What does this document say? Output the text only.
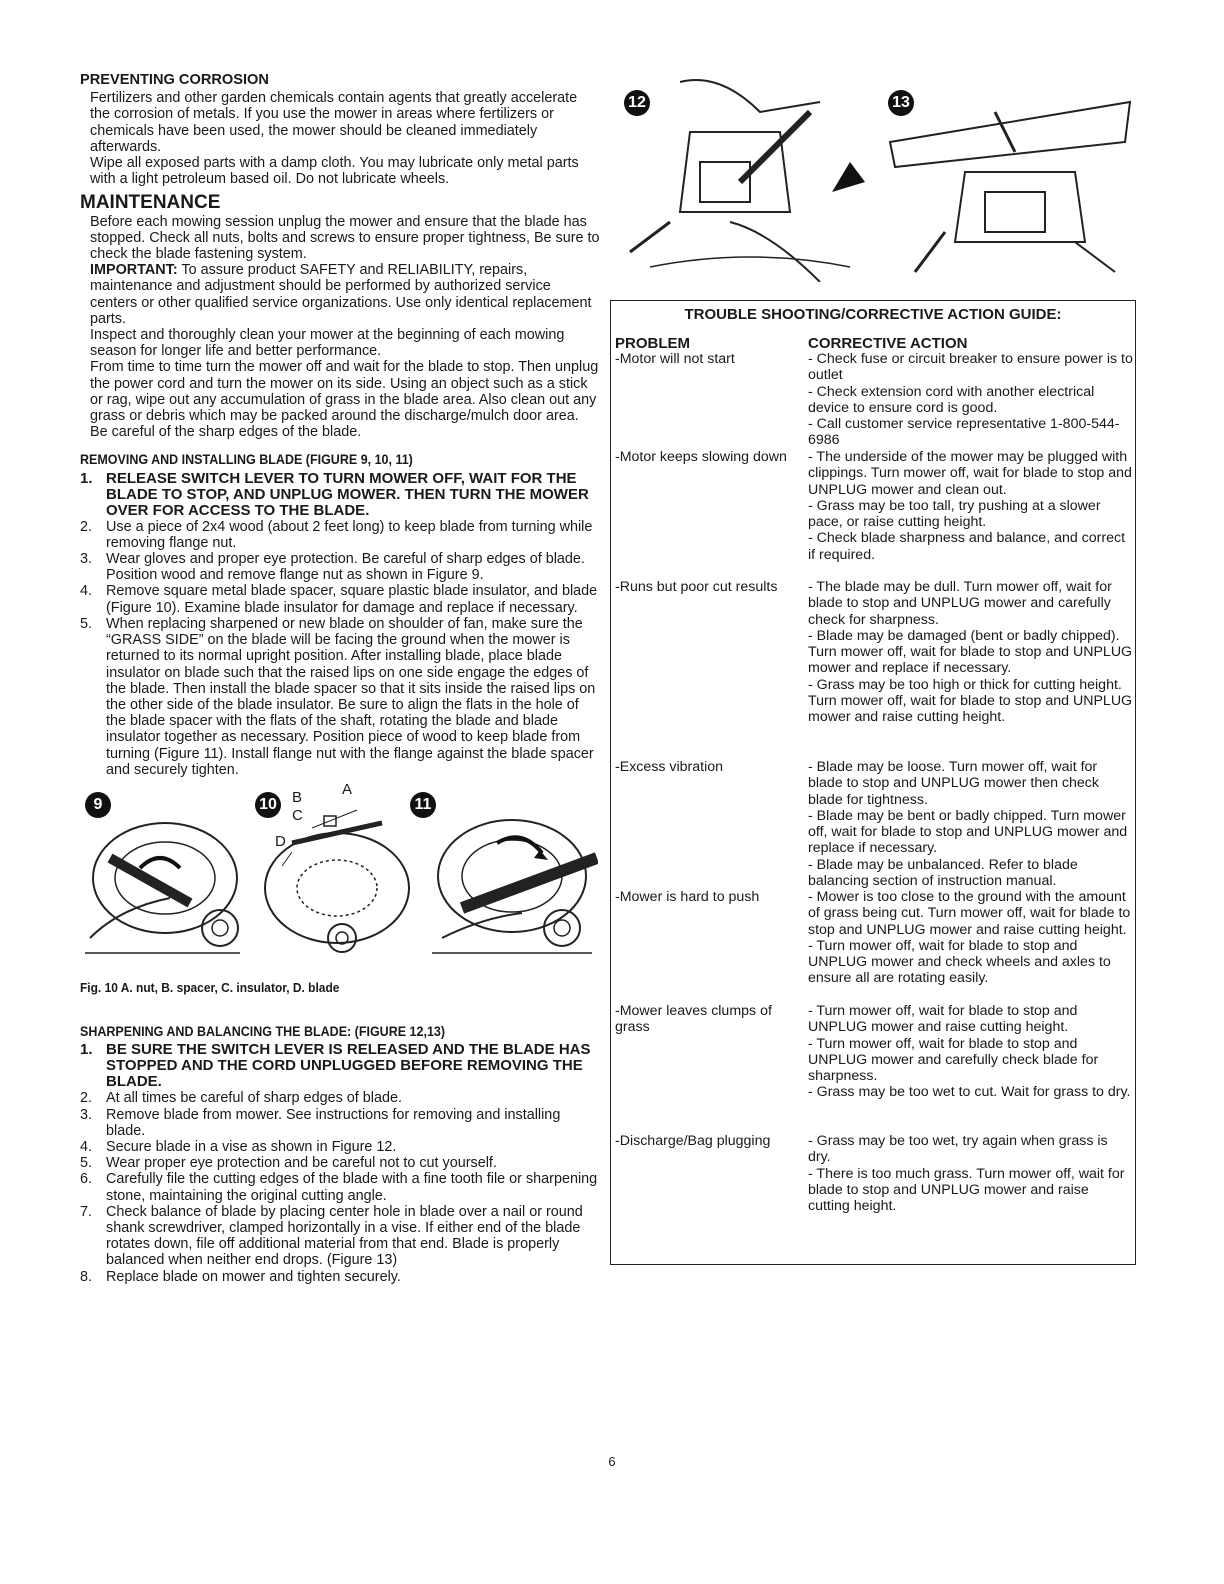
PREVENTING CORROSION
Fertilizers and other garden chemicals contain agents that greatly accelerate the corrosion of metals. If you use the mower in areas where fertilizers or chemicals have been used, the mower should be cleaned immediately afterwards.
Wipe all exposed parts with a damp cloth. You may lubricate only metal parts with a light petroleum based oil. Do not lubricate wheels.
MAINTENANCE
Before each mowing session unplug the mower and ensure that the blade has stopped. Check all nuts, bolts and screws to ensure proper tightness, Be sure to check the blade fastening system.
IMPORTANT: To assure product SAFETY and RELIABILITY, repairs, maintenance and adjustment should be performed by authorized service centers or other qualified service organizations. Use only identical replacement parts.
Inspect and thoroughly clean your mower at the beginning of each mowing season for longer life and better performance.
From time to time turn the mower off and wait for the blade to stop. Then unplug the power cord and turn the mower on its side. Using an object such as a stick or rag, wipe out any accumulation of grass in the blade area. Also clean out any grass or debris which may be packed around the discharge/mulch door area. Be careful of the sharp edges of the blade.
REMOVING AND INSTALLING BLADE (FIGURE 9, 10, 11)
1. RELEASE SWITCH LEVER TO TURN MOWER OFF, WAIT FOR THE BLADE TO STOP, AND UNPLUG MOWER. THEN TURN THE MOWER OVER FOR ACCESS TO THE BLADE.
2. Use a piece of 2x4 wood (about 2 feet long) to keep blade from turning while removing flange nut.
3. Wear gloves and proper eye protection. Be careful of sharp edges of blade. Position wood and remove flange nut as shown in Figure 9.
4. Remove square metal blade spacer, square plastic blade insulator, and blade (Figure 10). Examine blade insulator for damage and replace if necessary.
5. When replacing sharpened or new blade on shoulder of fan, make sure the “GRASS SIDE” on the blade will be facing the ground when the mower is returned to its normal upright position. After installing blade, place blade insulator on blade such that the raised lips on one side engage the edges of the blade. Then install the blade spacer so that it sits inside the raised lips on the other side of the blade insulator. Be sure to align the flats in the hole of the blade spacer with the flats of the shaft, rotating the blade and blade insulator together as necessary. Position piece of wood to keep blade from turning (Figure 11). Install flange nut with the flange against the blade spacer and securely tighten.
9	10 B	A
C
D
11
Fig. 10 A. nut, B. spacer, C. insulator, D. blade
SHARPENING AND BALANCING THE BLADE: (FIGURE 12,13)
1. BE SURE THE SWITCH LEVER IS RELEASED AND THE BLADE HAS STOPPED AND THE CORD UNPLUGGED BEFORE REMOVING THE BLADE.
2. At all times be careful of sharp edges of blade.
3. Remove blade from mower. See instructions for removing and installing blade.
4. Secure blade in a vise as shown in Figure 12.
5. Wear proper eye protection and be careful not to cut yourself.
6. Carefully file the cutting edges of the blade with a fine tooth file or sharpening stone, maintaining the original cutting angle.
7. Check balance of blade by placing center hole in blade over a nail or round shank screwdriver, clamped horizontally in a vise. If either end of the blade rotates down, file off additional material from that end. Blade is properly balanced when neither end drops. (Figure 13)
8. Replace blade on mower and tighten securely.
12	13
TROUBLE SHOOTING/CORRECTIVE ACTION GUIDE:
PROBLEM	CORRECTIVE ACTION
-Motor will not start	- Check fuse or circuit breaker to ensure power is to outlet
- Check extension cord with another electrical device to ensure cord is good.
- Call customer service representative 1-800-544-6986
-Motor keeps slowing down	- The underside of the mower may be plugged with clippings. Turn mower off, wait for blade to stop and UNPLUG mower and clean out.
- Grass may be too tall, try pushing at a slower pace, or raise cutting height.
- Check blade sharpness and balance, and correct if required.
-Runs but poor cut results	- The blade may be dull. Turn mower off, wait for blade to stop and UNPLUG mower and carefully check for sharpness.
- Blade may be damaged (bent or badly chipped). Turn mower off, wait for blade to stop and UNPLUG mower and replace if necessary.
- Grass may be too high or thick for cutting height. Turn mower off, wait for blade to stop and UNPLUG mower and raise cutting height.
-Excess vibration	- Blade may be loose. Turn mower off, wait for blade to stop and UNPLUG mower then check blade for tightness.
- Blade may be bent or badly chipped. Turn mower off, wait for blade to stop and UNPLUG mower and replace if necessary.
- Blade may be unbalanced. Refer to blade balancing section of instruction manual.
-Mower is hard to push	- Mower is too close to the ground with the amount of grass being cut. Turn mower off, wait for blade to stop and UNPLUG mower and raise cutting height.
- Turn mower off, wait for blade to stop and UNPLUG mower and check wheels and axles to ensure all are rotating easily.
-Mower leaves clumps of grass
- Turn mower off, wait for blade to stop and UNPLUG mower and raise cutting height.
- Turn mower off, wait for blade to stop and UNPLUG mower and carefully check blade for sharpness.
- Grass may be too wet to cut. Wait for grass to dry.
-Discharge/Bag plugging	- Grass may be too wet, try again when grass is dry.
- There is too much grass. Turn mower off, wait for blade to stop and UNPLUG mower and raise cutting height.
6
